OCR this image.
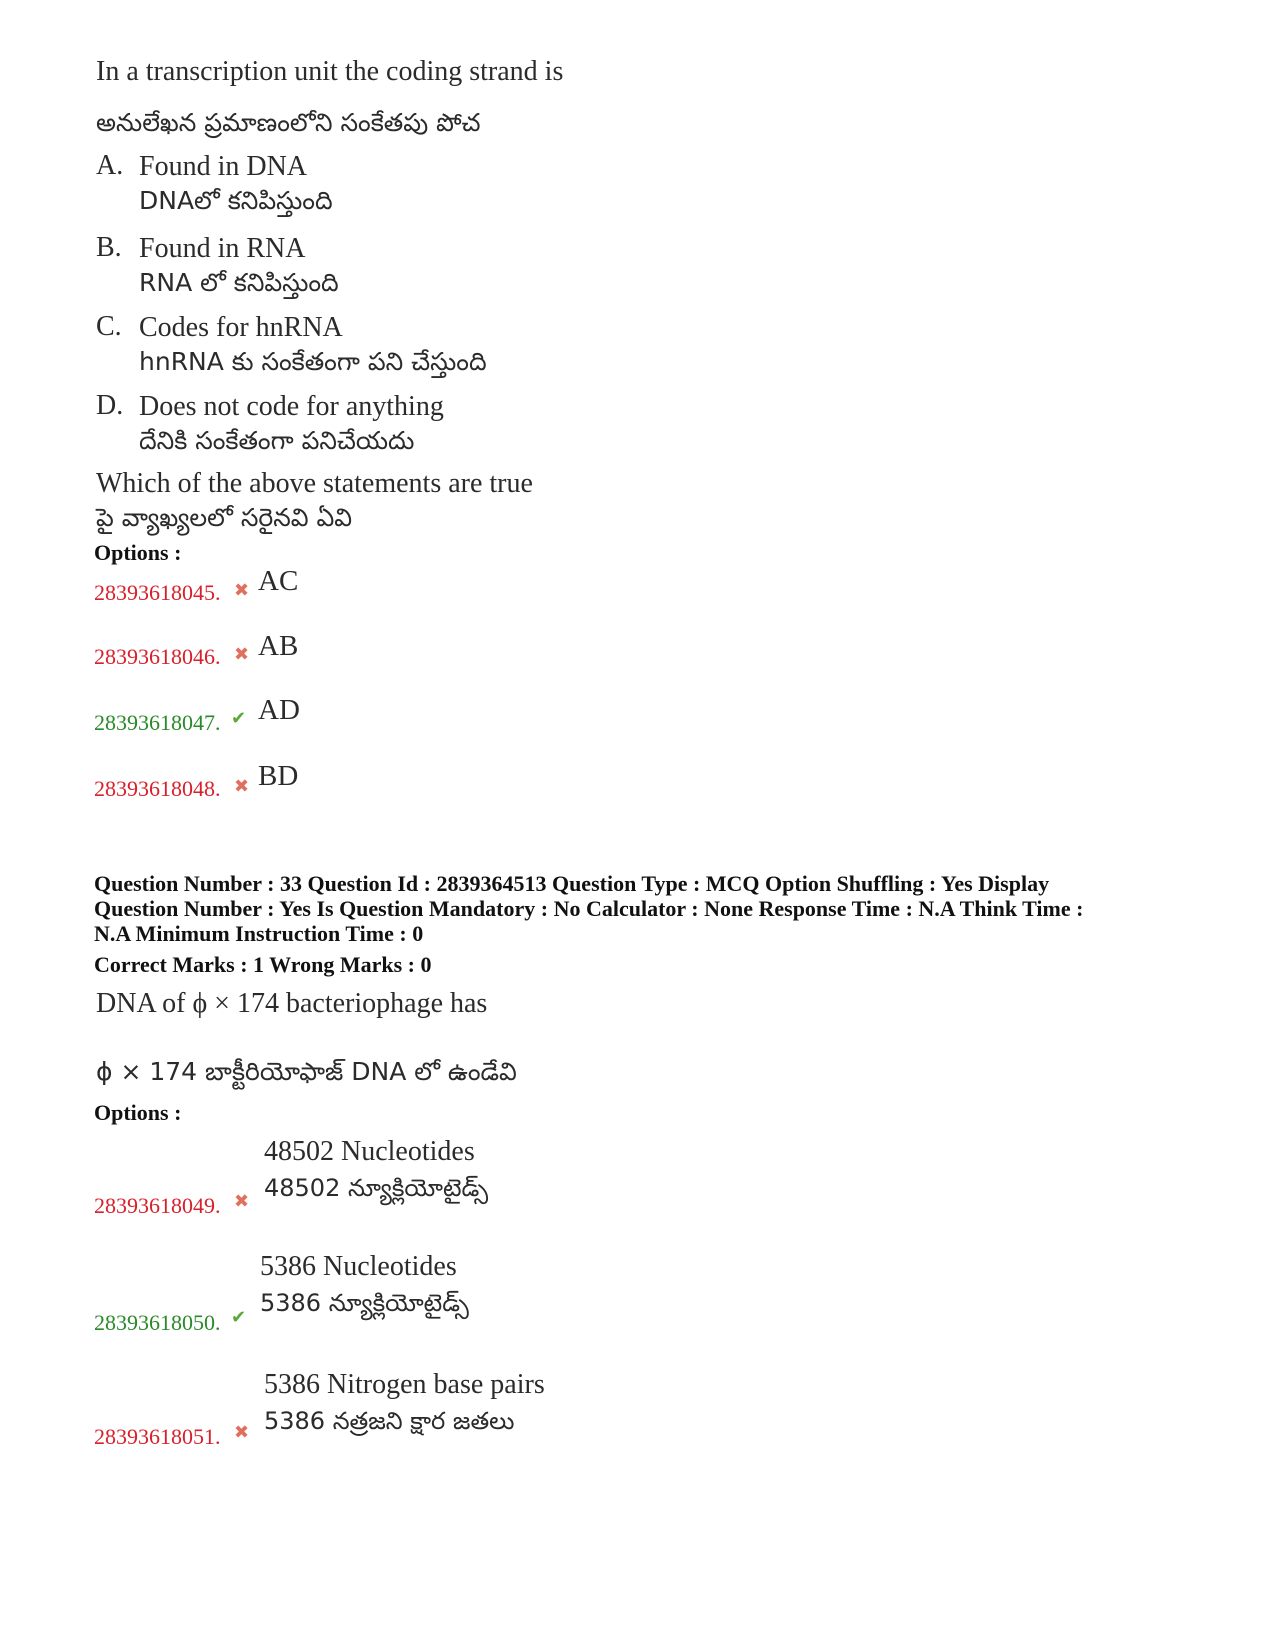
In a transcription unit the coding strand is
అనులేఖన ప్రమాణంలోని సంకేతపు పోచ
A. Found in DNA
DNAలో కనిపిస్తుంది
B. Found in RNA
RNA లో కనిపిస్తుంది
C. Codes for hnRNA
hnRNA కు సంకేతంగా పని చేస్తుంది
D. Does not code for anything
దేనికి సంకేతంగా పనిచేయదు
Which of the above statements are true
పై వ్యాఖ్యలలో సరైనవి ఏవి
Options :
28393618045. ✖ AC
28393618046. ✖ AB
28393618047. ✔ AD
28393618048. ✖ BD
Question Number : 33 Question Id : 2839364513 Question Type : MCQ Option Shuffling : Yes Display
Question Number : Yes Is Question Mandatory : No Calculator : None Response Time : N.A Think Time :
N.A Minimum Instruction Time : 0
Correct Marks : 1 Wrong Marks : 0
DNA of ϕ × 174 bacteriophage has
ϕ × 174 బాక్టీరియోఫాజ్ DNA లో ఉండేవి
Options :
48502 Nucleotides
48502 న్యూక్లియోటైడ్స్
28393618049. ✖
5386 Nucleotides
5386 న్యూక్లియోటైడ్స్
28393618050. ✔
5386 Nitrogen base pairs
5386 నత్రజని క్షార జతలు
28393618051. ✖
